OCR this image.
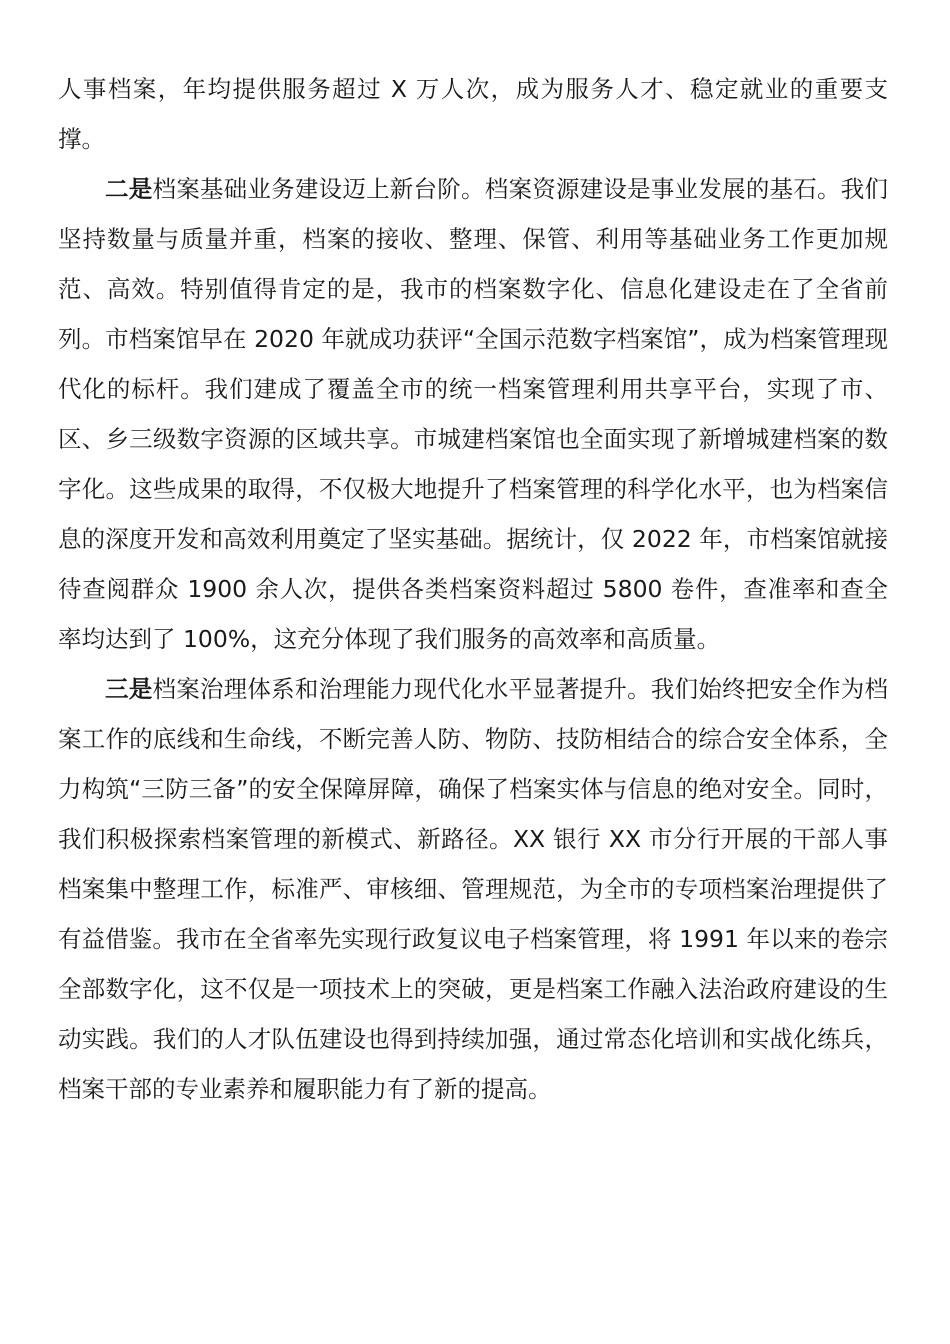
人事档案，年均提供服务超过 X 万人次，成为服务人才、稳定就业的重要支撑。

二是档案基础业务建设迈上新台阶。档案资源建设是事业发展的基石。我们坚持数量与质量并重，档案的接收、整理、保管、利用等基础业务工作更加规范、高效。特别值得肯定的是，我市的档案数字化、信息化建设走在了全省前列。市档案馆早在 2020 年就成功获评“全国示范数字档案馆”，成为档案管理现代化的标杆。我们建成了覆盖全市的统一档案管理利用共享平台，实现了市、区、乡三级数字资源的区域共享。市城建档案馆也全面实现了新增城建档案的数字化。这些成果的取得，不仅极大地提升了档案管理的科学化水平，也为档案信息的深度开发和高效利用奠定了坚实基础。据统计，仅 2022 年，市档案馆就接待查阅群众 1900 余人次，提供各类档案资料超过 5800 卷件，查准率和查全率均达到了 100%，这充分体现了我们服务的高效率和高质量。

三是档案治理体系和治理能力现代化水平显著提升。我们始终把安全作为档案工作的底线和生命线，不断完善人防、物防、技防相结合的综合安全体系，全力构筑“三防三备”的安全保障屏障，确保了档案实体与信息的绝对安全。同时，我们积极探索档案管理的新模式、新路径。XX 银行 XX 市分行开展的干部人事档案集中整理工作，标准严、审核细、管理规范，为全市的专项档案治理提供了有益借鉴。我市在全省率先实现行政复议电子档案管理，将 1991 年以来的卷宗全部数字化，这不仅是一项技术上的突破，更是档案工作融入法治政府建设的生动实践。我们的人才队伍建设也得到持续加强，通过常态化培训和实战化练兵，档案干部的专业素养和履职能力有了新的提高。
